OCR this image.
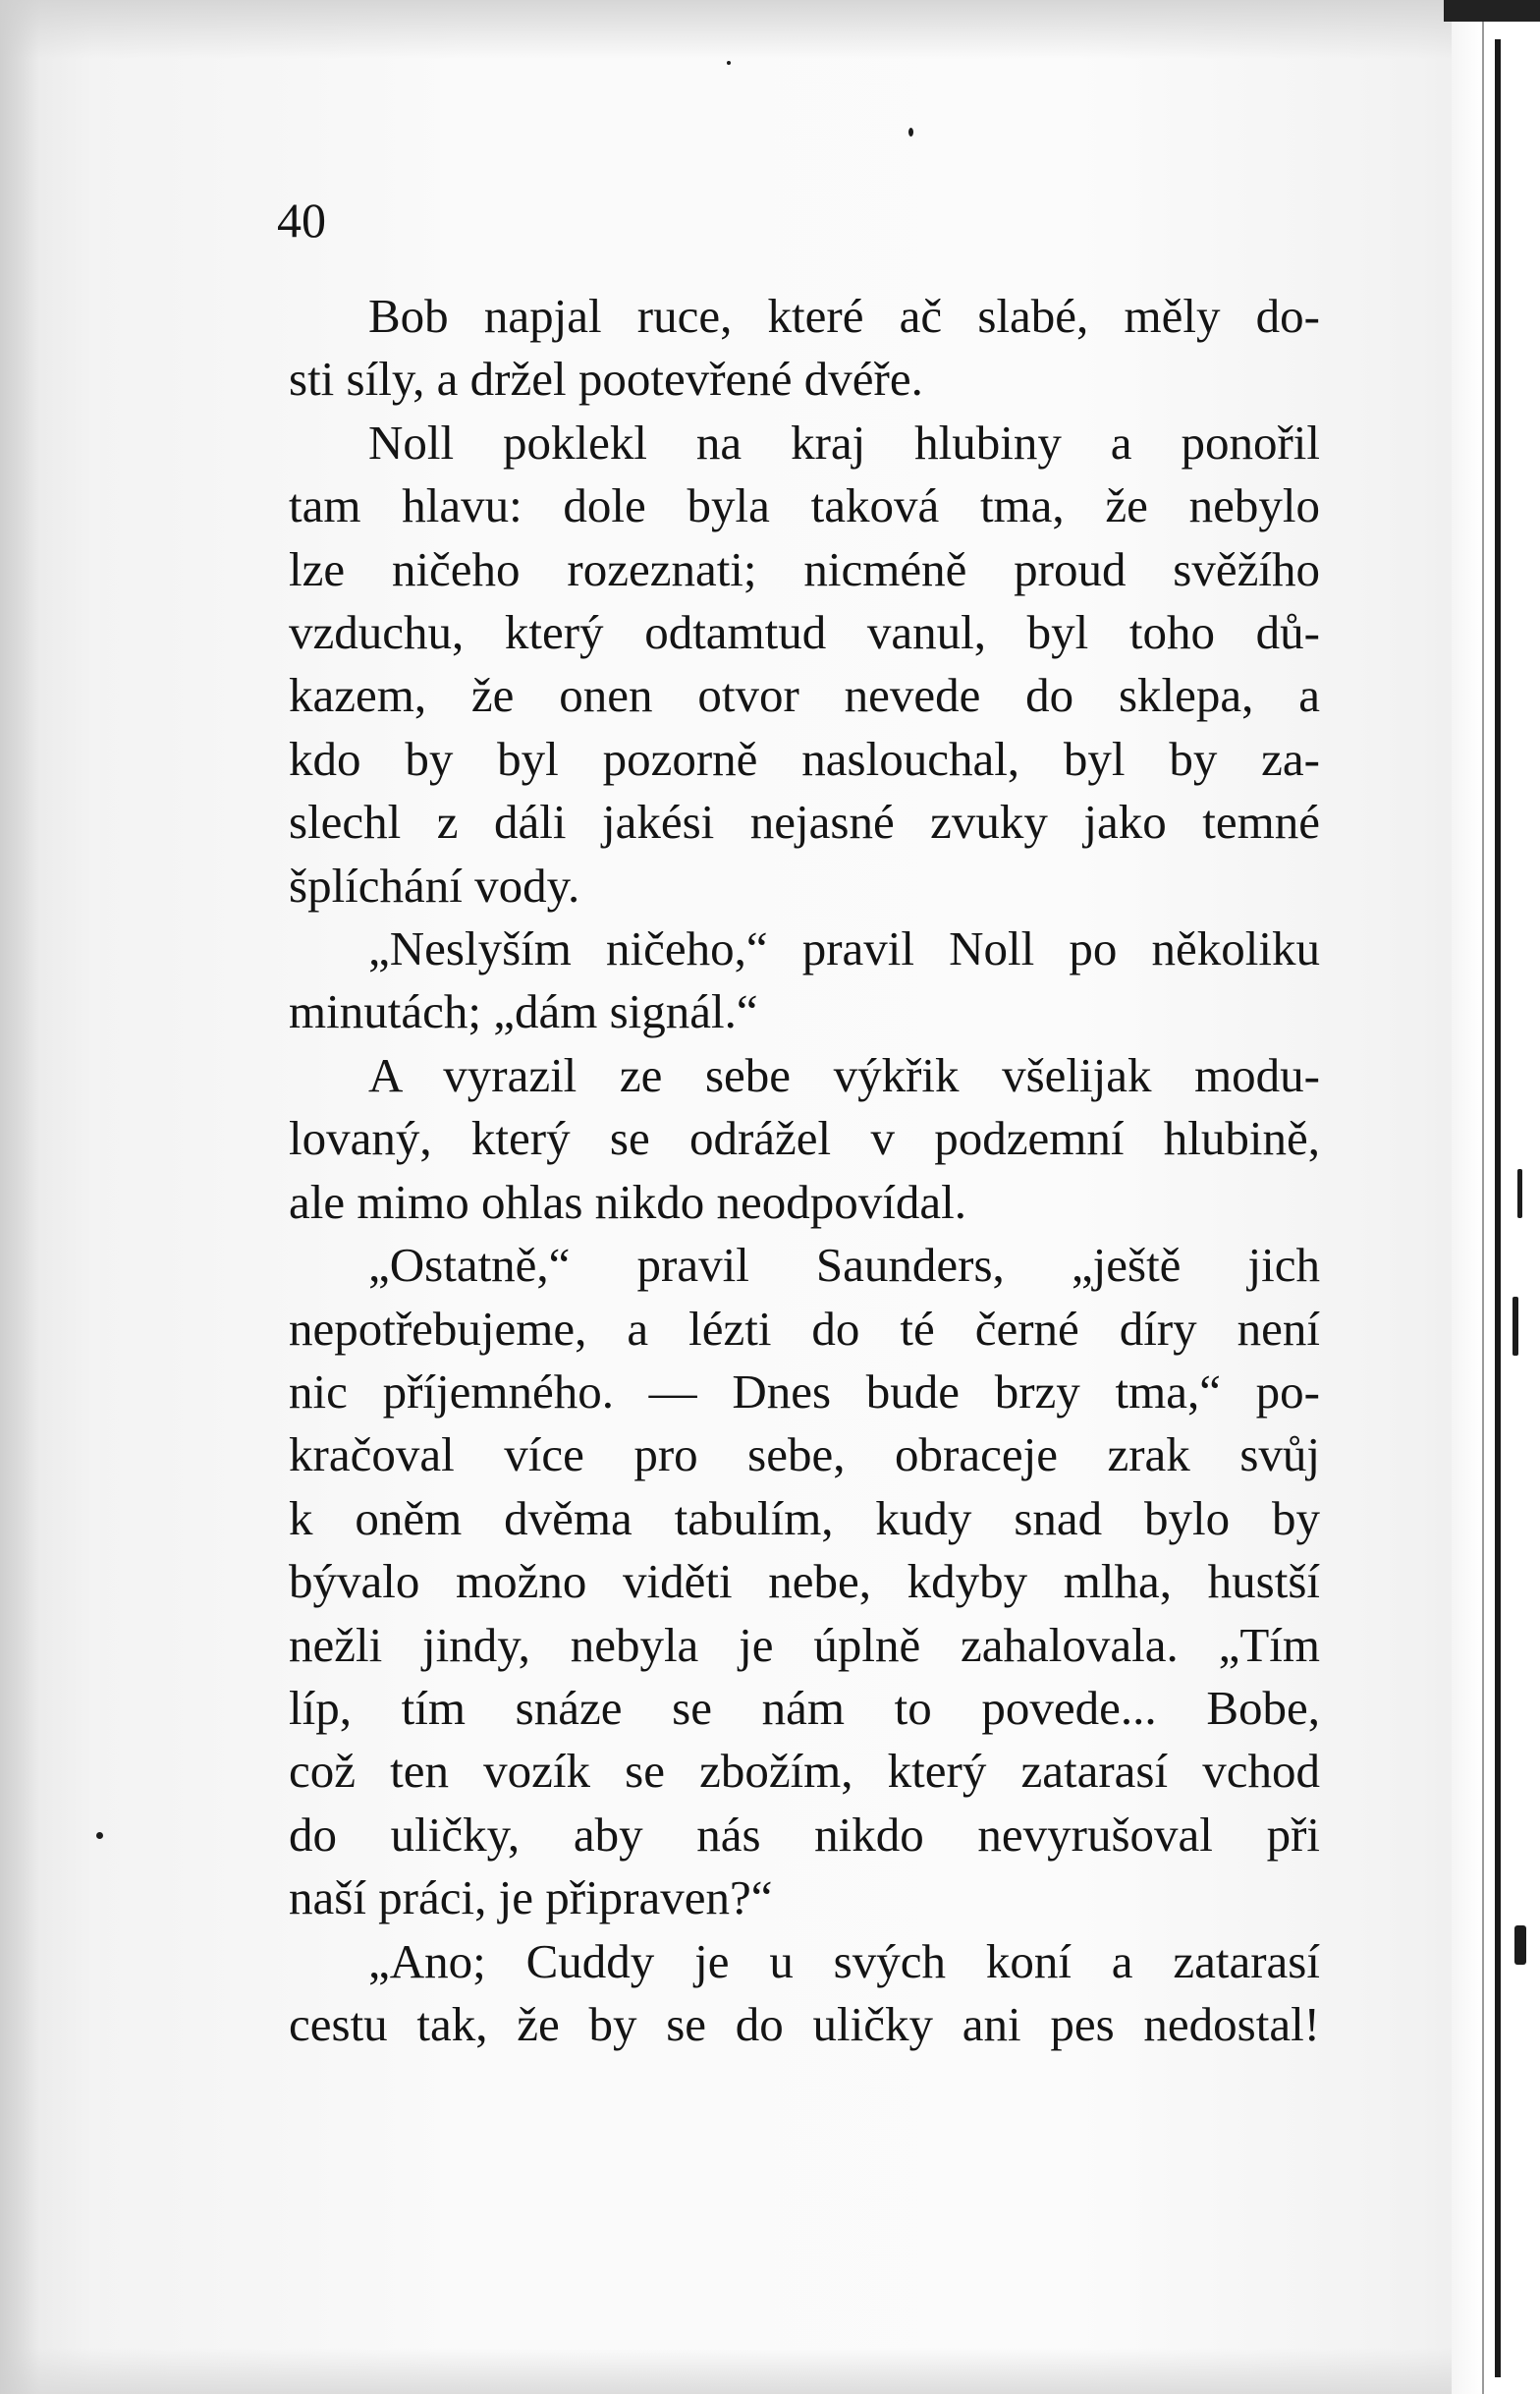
40

Bob napjal ruce, které ač slabé, měly do-
sti síly, a držel pootevřené dvéře.

Noll poklekl na kraj hlubiny a ponořil
tam hlavu: dole byla taková tma, že nebylo
lze ničeho rozeznati; nicméně proud svěžího
vzduchu, který odtamtud vanul, byl toho dů-
kazem, že onen otvor nevede do sklepa, a
kdo by byl pozorně naslouchal, byl by za-
slechl z dáli jakési nejasné zvuky jako temné
šplíchání vody.

„Neslyším ničeho,“ pravil Noll po několiku
minutách; „dám signál.“

A vyrazil ze sebe výkřik všelijak modu-
lovaný, který se odrážel v podzemní hlubině,
ale mimo ohlas nikdo neodpovídal.

„Ostatně,“ pravil Saunders, „ještě jich
nepotřebujeme, a lézti do té černé díry není
nic příjemného. — Dnes bude brzy tma,“ po-
kračoval více pro sebe, obraceje zrak svůj
k oněm dvěma tabulím, kudy snad bylo by
bývalo možno viděti nebe, kdyby mlha, hustší
nežli jindy, nebyla je úplně zahalovala. „Tím
líp, tím snáze se nám to povede... Bobe,
což ten vozík se zbožím, který zatarasí vchod
do uličky, aby nás nikdo nevyrušoval při
naší práci, je připraven?“

„Ano; Cuddy je u svých koní a zatarasí
cestu tak, že by se do uličky ani pes nedostal!
